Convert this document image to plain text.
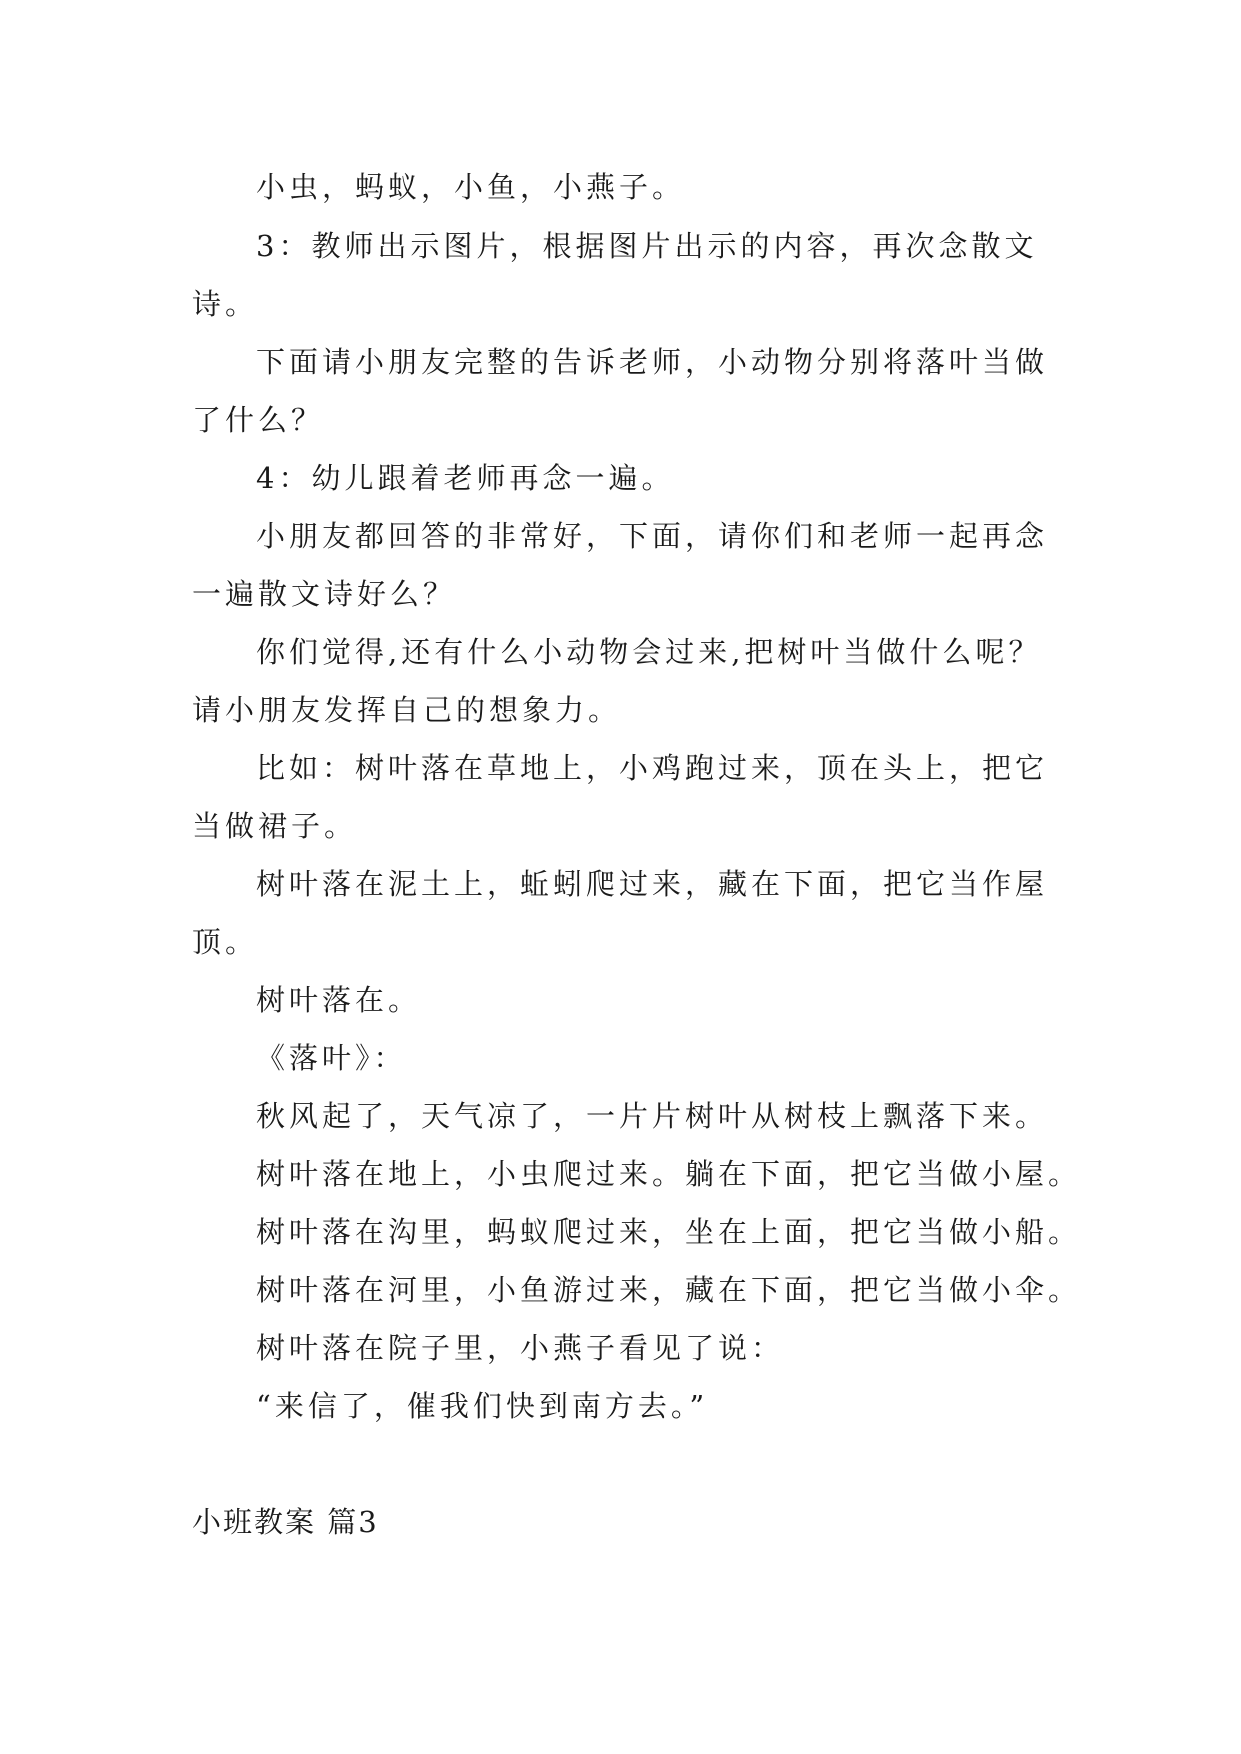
小虫，蚂蚁，小鱼，小燕子。
3：教师出示图片，根据图片出示的内容，再次念散文
诗。
下面请小朋友完整的告诉老师，小动物分别将落叶当做
了什么？
4：幼儿跟着老师再念一遍。
小朋友都回答的非常好，下面，请你们和老师一起再念
一遍散文诗好么？
你们觉得,还有什么小动物会过来,把树叶当做什么呢？
请小朋友发挥自己的想象力。
比如：树叶落在草地上，小鸡跑过来，顶在头上，把它
当做裙子。
树叶落在泥土上，蚯蚓爬过来，藏在下面，把它当作屋
顶。
树叶落在。
《落叶》：
秋风起了，天气凉了，一片片树叶从树枝上飘落下来。
树叶落在地上，小虫爬过来。躺在下面，把它当做小屋。
树叶落在沟里，蚂蚁爬过来，坐在上面，把它当做小船。
树叶落在河里，小鱼游过来，藏在下面，把它当做小伞。
树叶落在院子里，小燕子看见了说：
“来信了，催我们快到南方去。”
小班教案 篇3
